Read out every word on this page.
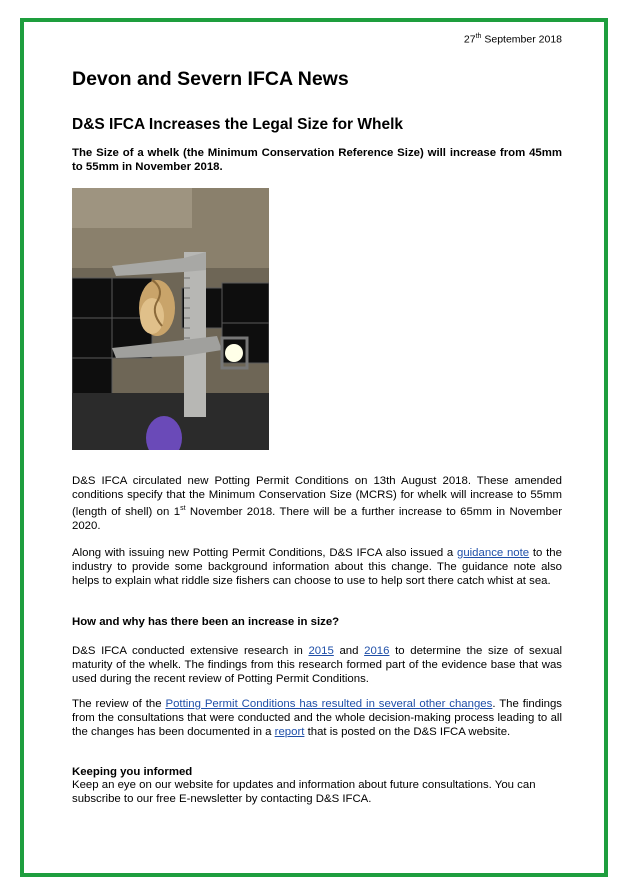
27th September 2018
Devon and Severn IFCA News
D&S IFCA Increases the Legal Size for Whelk
The Size of a whelk (the Minimum Conservation Reference Size) will increase from 45mm to 55mm in November 2018.

D&S IFCA circulated new Potting Permit Conditions on 13th August 2018. These amended conditions specify that the Minimum Conservation Size (MCRS) for whelk will increase to 55mm (length of shell) on 1st November 2018. There will be a further increase to 65mm in November 2020.

Along with issuing new Potting Permit Conditions, D&S IFCA also issued a guidance note to the industry to provide some background information about this change. The guidance note also helps to explain what riddle size fishers can choose to use to help sort there catch whist at sea.

How and why has there been an increase in size?

D&S IFCA conducted extensive research in 2015 and 2016 to determine the size of sexual maturity of the whelk. The findings from this research formed part of the evidence base that was used during the recent review of Potting Permit Conditions.

The review of the Potting Permit Conditions has resulted in several other changes. The findings from the consultations that were conducted and the whole decision-making process leading to all the changes has been documented in a report that is posted on the D&S IFCA website.

Keeping you informed

Keep an eye on our website for updates and information about future consultations. You can subscribe to our free E-newsletter by contacting D&S IFCA.
